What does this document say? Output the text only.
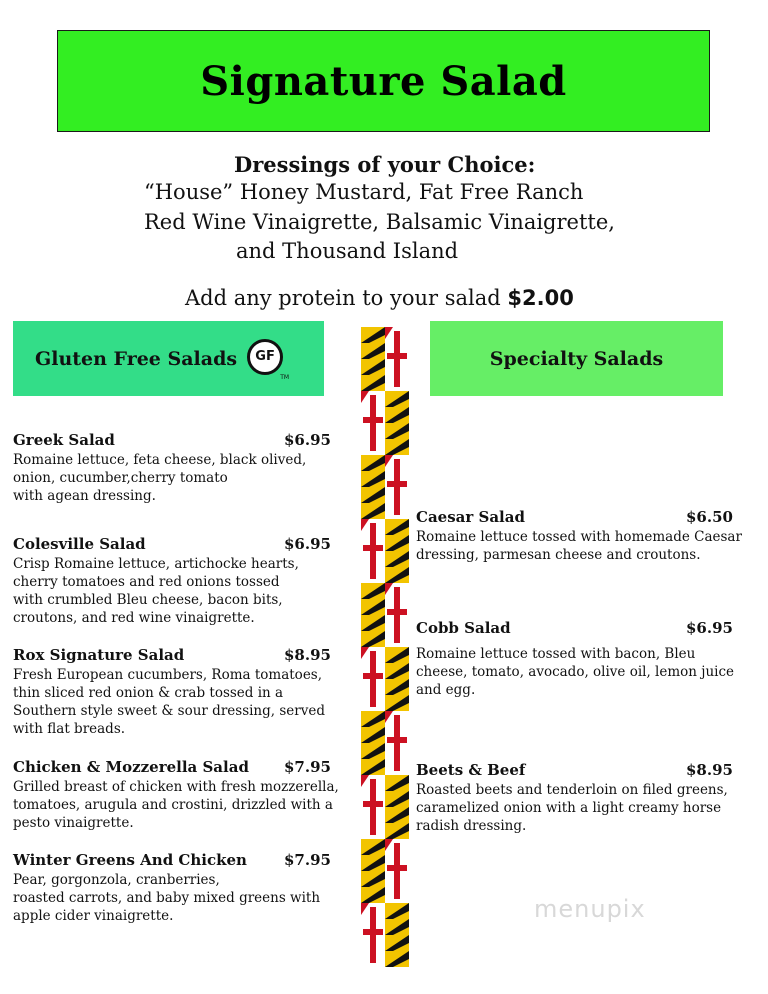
Signature Salad
Dressings of your Choice:
“House” Honey Mustard, Fat Free Ranch
Red Wine Vinaigrette, Balsamic Vinaigrette,
and Thousand Island
Add any protein to your salad $2.00
Gluten Free Salads	GF
TM
Specialty Salads
Greek Salad	$6.95
Romaine lettuce, feta cheese, black olived,
onion, cucumber,cherry tomato
with agean dressing.
Colesville Salad	$6.95
Crisp Romaine lettuce, artichocke hearts,
cherry tomatoes and red onions tossed
with crumbled Bleu cheese, bacon bits,
croutons, and red wine vinaigrette.
Rox Signature Salad	$8.95
Fresh European cucumbers, Roma tomatoes,
thin sliced red onion & crab tossed in a
Southern style sweet & sour dressing, served
with flat breads.
Chicken & Mozzerella Salad	$7.95
Grilled breast of chicken with fresh mozzerella,
tomatoes, arugula and crostini, drizzled with a
pesto vinaigrette.
Winter Greens And Chicken	$7.95
Pear, gorgonzola, cranberries,
roasted carrots, and baby mixed greens with
apple cider vinaigrette.
Caesar Salad	$6.50
Romaine lettuce tossed with homemade Caesar
dressing, parmesan cheese and croutons.
Cobb Salad	$6.95
Romaine lettuce tossed with bacon, Bleu
cheese, tomato, avocado, olive oil, lemon juice
and egg.
Beets & Beef	$8.95
Roasted beets and tenderloin on filed greens,
caramelized onion with a light creamy horse
radish dressing.
menupix
